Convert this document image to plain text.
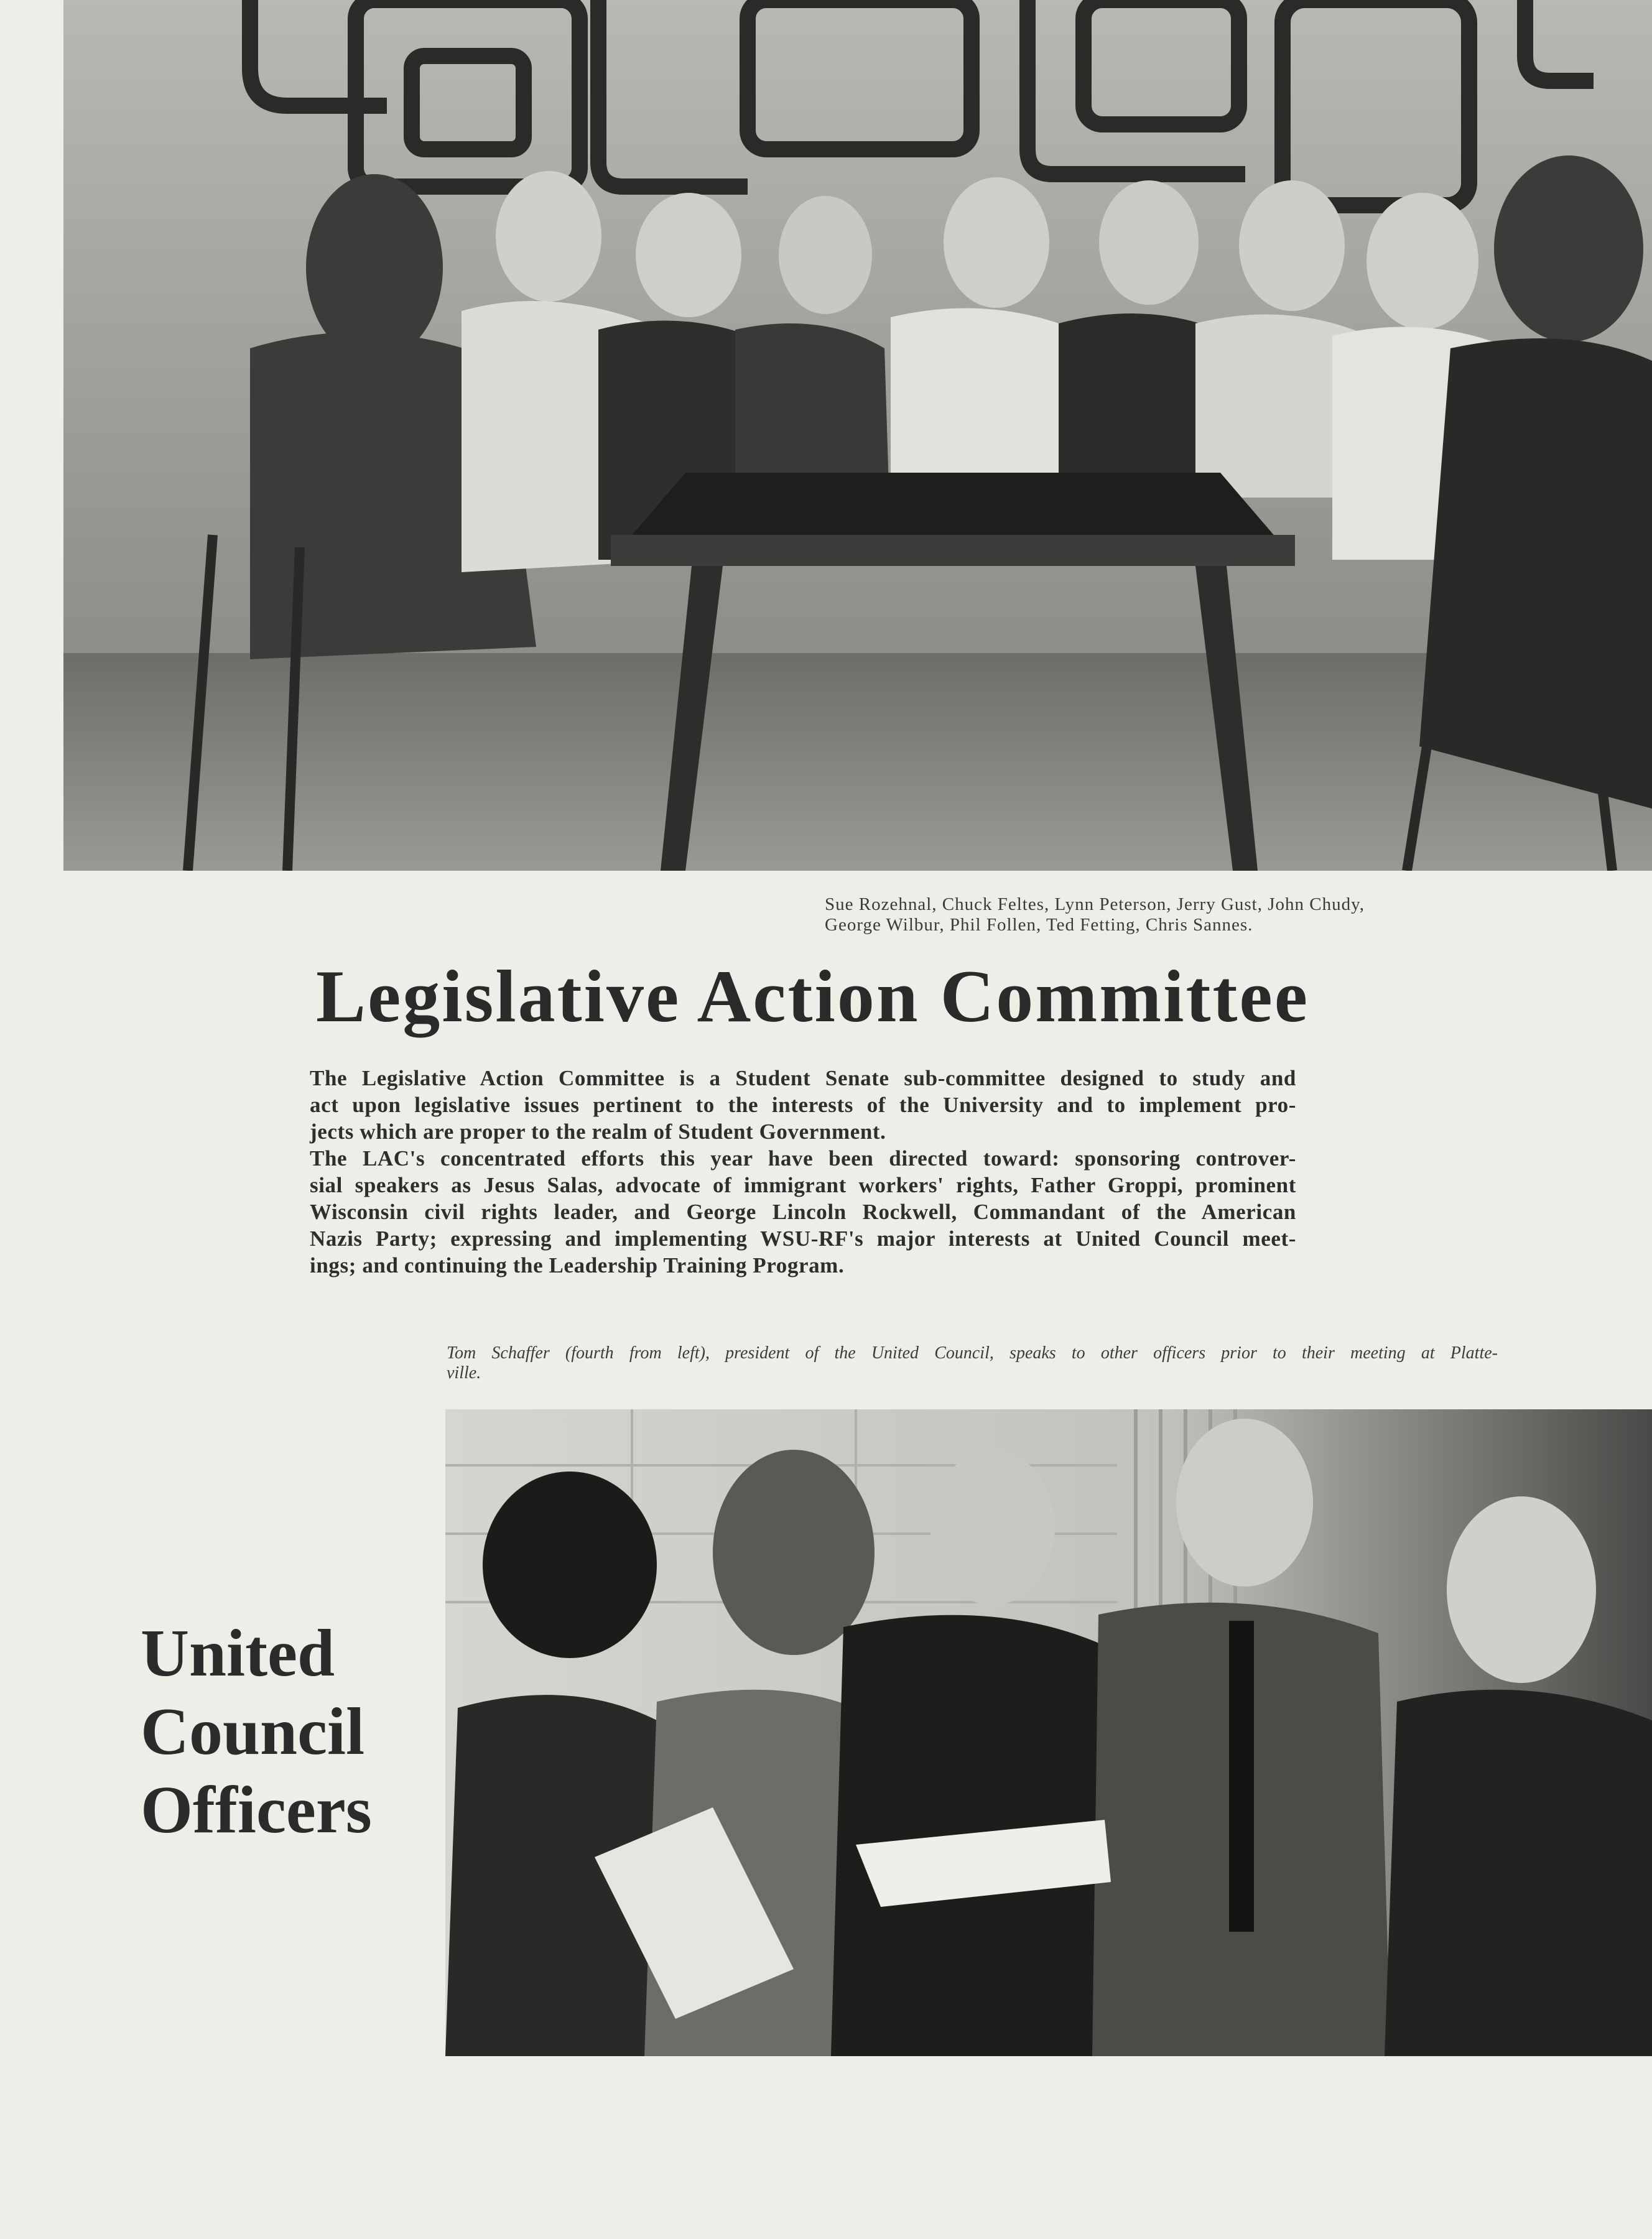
Sue Rozehnal, Chuck Feltes, Lynn Peterson, Jerry Gust, John Chudy,
George Wilbur, Phil Follen, Ted Fetting, Chris Sannes.
Legislative Action Committee
The Legislative Action Committee is a Student Senate sub-committee designed to study and
act upon legislative issues pertinent to the interests of the University and to implement pro-
jects which are proper to the realm of Student Government.
The LAC's concentrated efforts this year have been directed toward: sponsoring controver-
sial speakers as Jesus Salas, advocate of immigrant workers' rights, Father Groppi, prominent
Wisconsin civil rights leader, and George Lincoln Rockwell, Commandant of the American
Nazis Party; expressing and implementing WSU-RF's major interests at United Council meet-
ings; and continuing the Leadership Training Program.
Tom Schaffer (fourth from left), president of the United Council, speaks to other officers prior to their meeting at Platte-
ville.
United
Council
Officers
